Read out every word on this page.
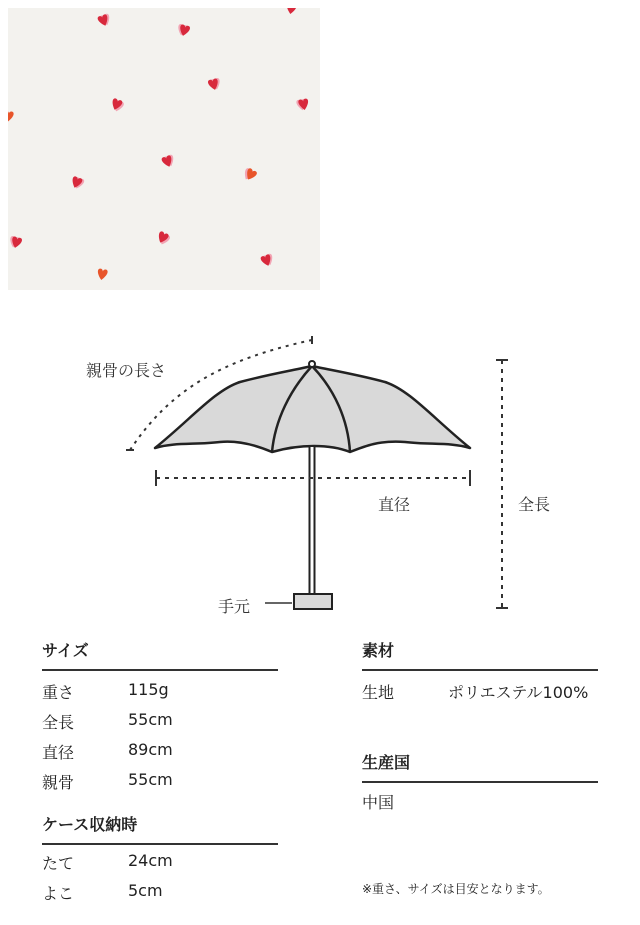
親骨の長さ
直径	全長
手元
サイズ
重さ	115g
全長	55cm
直径	89cm
親骨	55cm
ケース収納時
たて	24cm
よこ	5cm
素材
生地	ポリエステル100%
生産国
中国
※重さ、サイズは目安となります。
